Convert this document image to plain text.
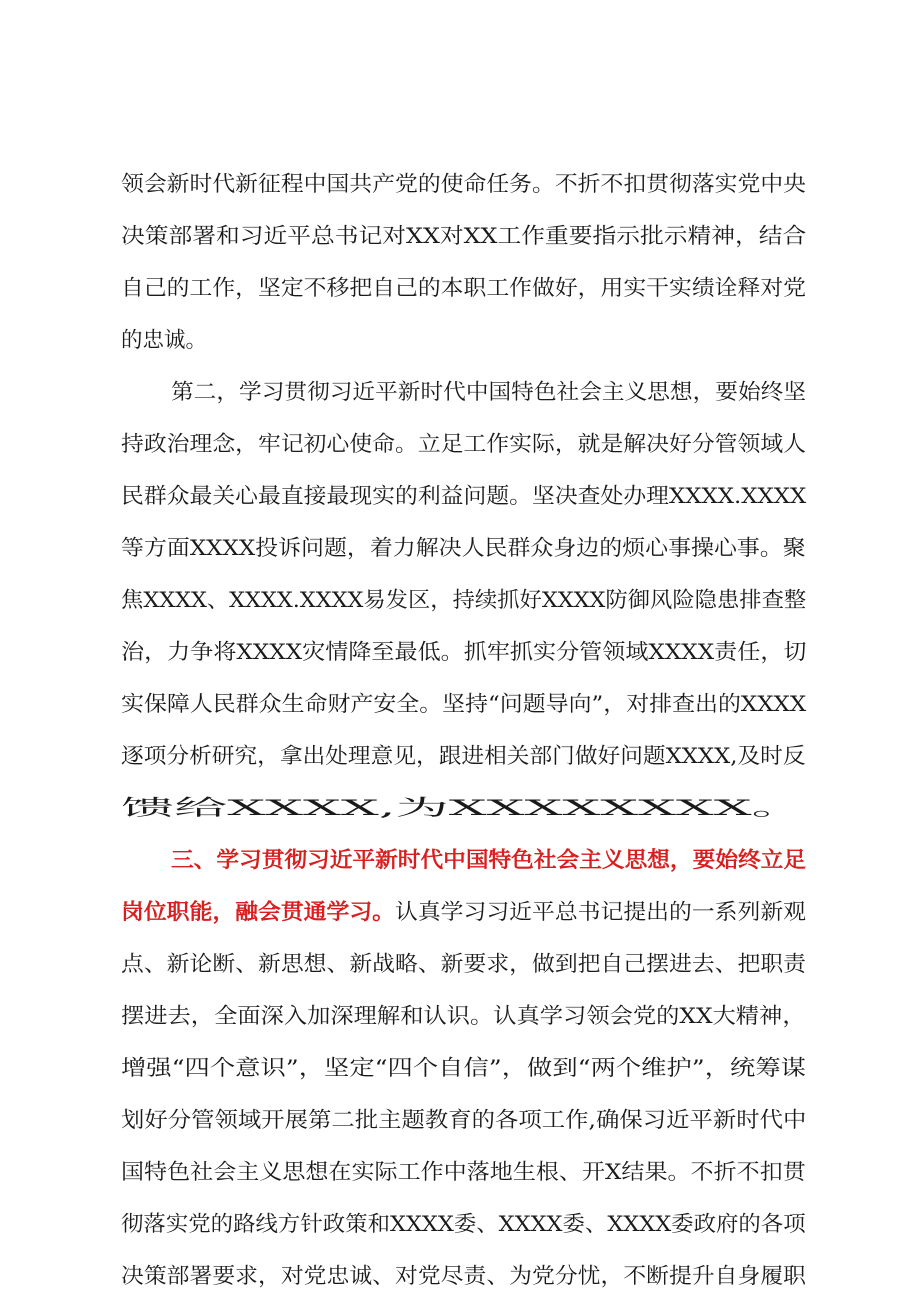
领会新时代新征程中国共产党的使命任务。不折不扣贯彻落实党中央
决策部署和习近平总书记对XX对XX工作重要指示批示精神，结合
自己的工作，坚定不移把自己的本职工作做好，用实干实绩诠释对党
的忠诚。
第二，学习贯彻习近平新时代中国特色社会主义思想，要始终坚
持政治理念，牢记初心使命。立足工作实际，就是解决好分管领域人
民群众最关心最直接最现实的利益问题。坚决查处办理XXXX.XXXX
等方面XXXX投诉问题，着力解决人民群众身边的烦心事操心事。聚
焦XXXX、XXXX.XXXX易发区，持续抓好XXXX防御风险隐患排查整
治，力争将XXXX灾情降至最低。抓牢抓实分管领域XXXX责任，切
实保障人民群众生命财产安全。坚持“问题导向”，对排查出的XXXX
逐项分析研究，拿出处理意见，跟进相关部门做好问题XXXX,及时反
馈给XXXX,为XXXXXXXX。
三、学习贯彻习近平新时代中国特色社会主义思想，要始终立足
岗位职能，融会贯通学习。认真学习习近平总书记提出的一系列新观
点、新论断、新思想、新战略、新要求，做到把自己摆进去、把职责
摆进去，全面深入加深理解和认识。认真学习领会党的XX大精神，
增强“四个意识”，坚定“四个自信”，做到“两个维护”，统筹谋
划好分管领域开展第二批主题教育的各项工作,确保习近平新时代中
国特色社会主义思想在实际工作中落地生根、开X结果。不折不扣贯
彻落实党的路线方针政策和XXXX委、XXXX委、XXXX委政府的各项
决策部署要求，对党忠诚、对党尽责、为党分忧，不断提升自身履职
